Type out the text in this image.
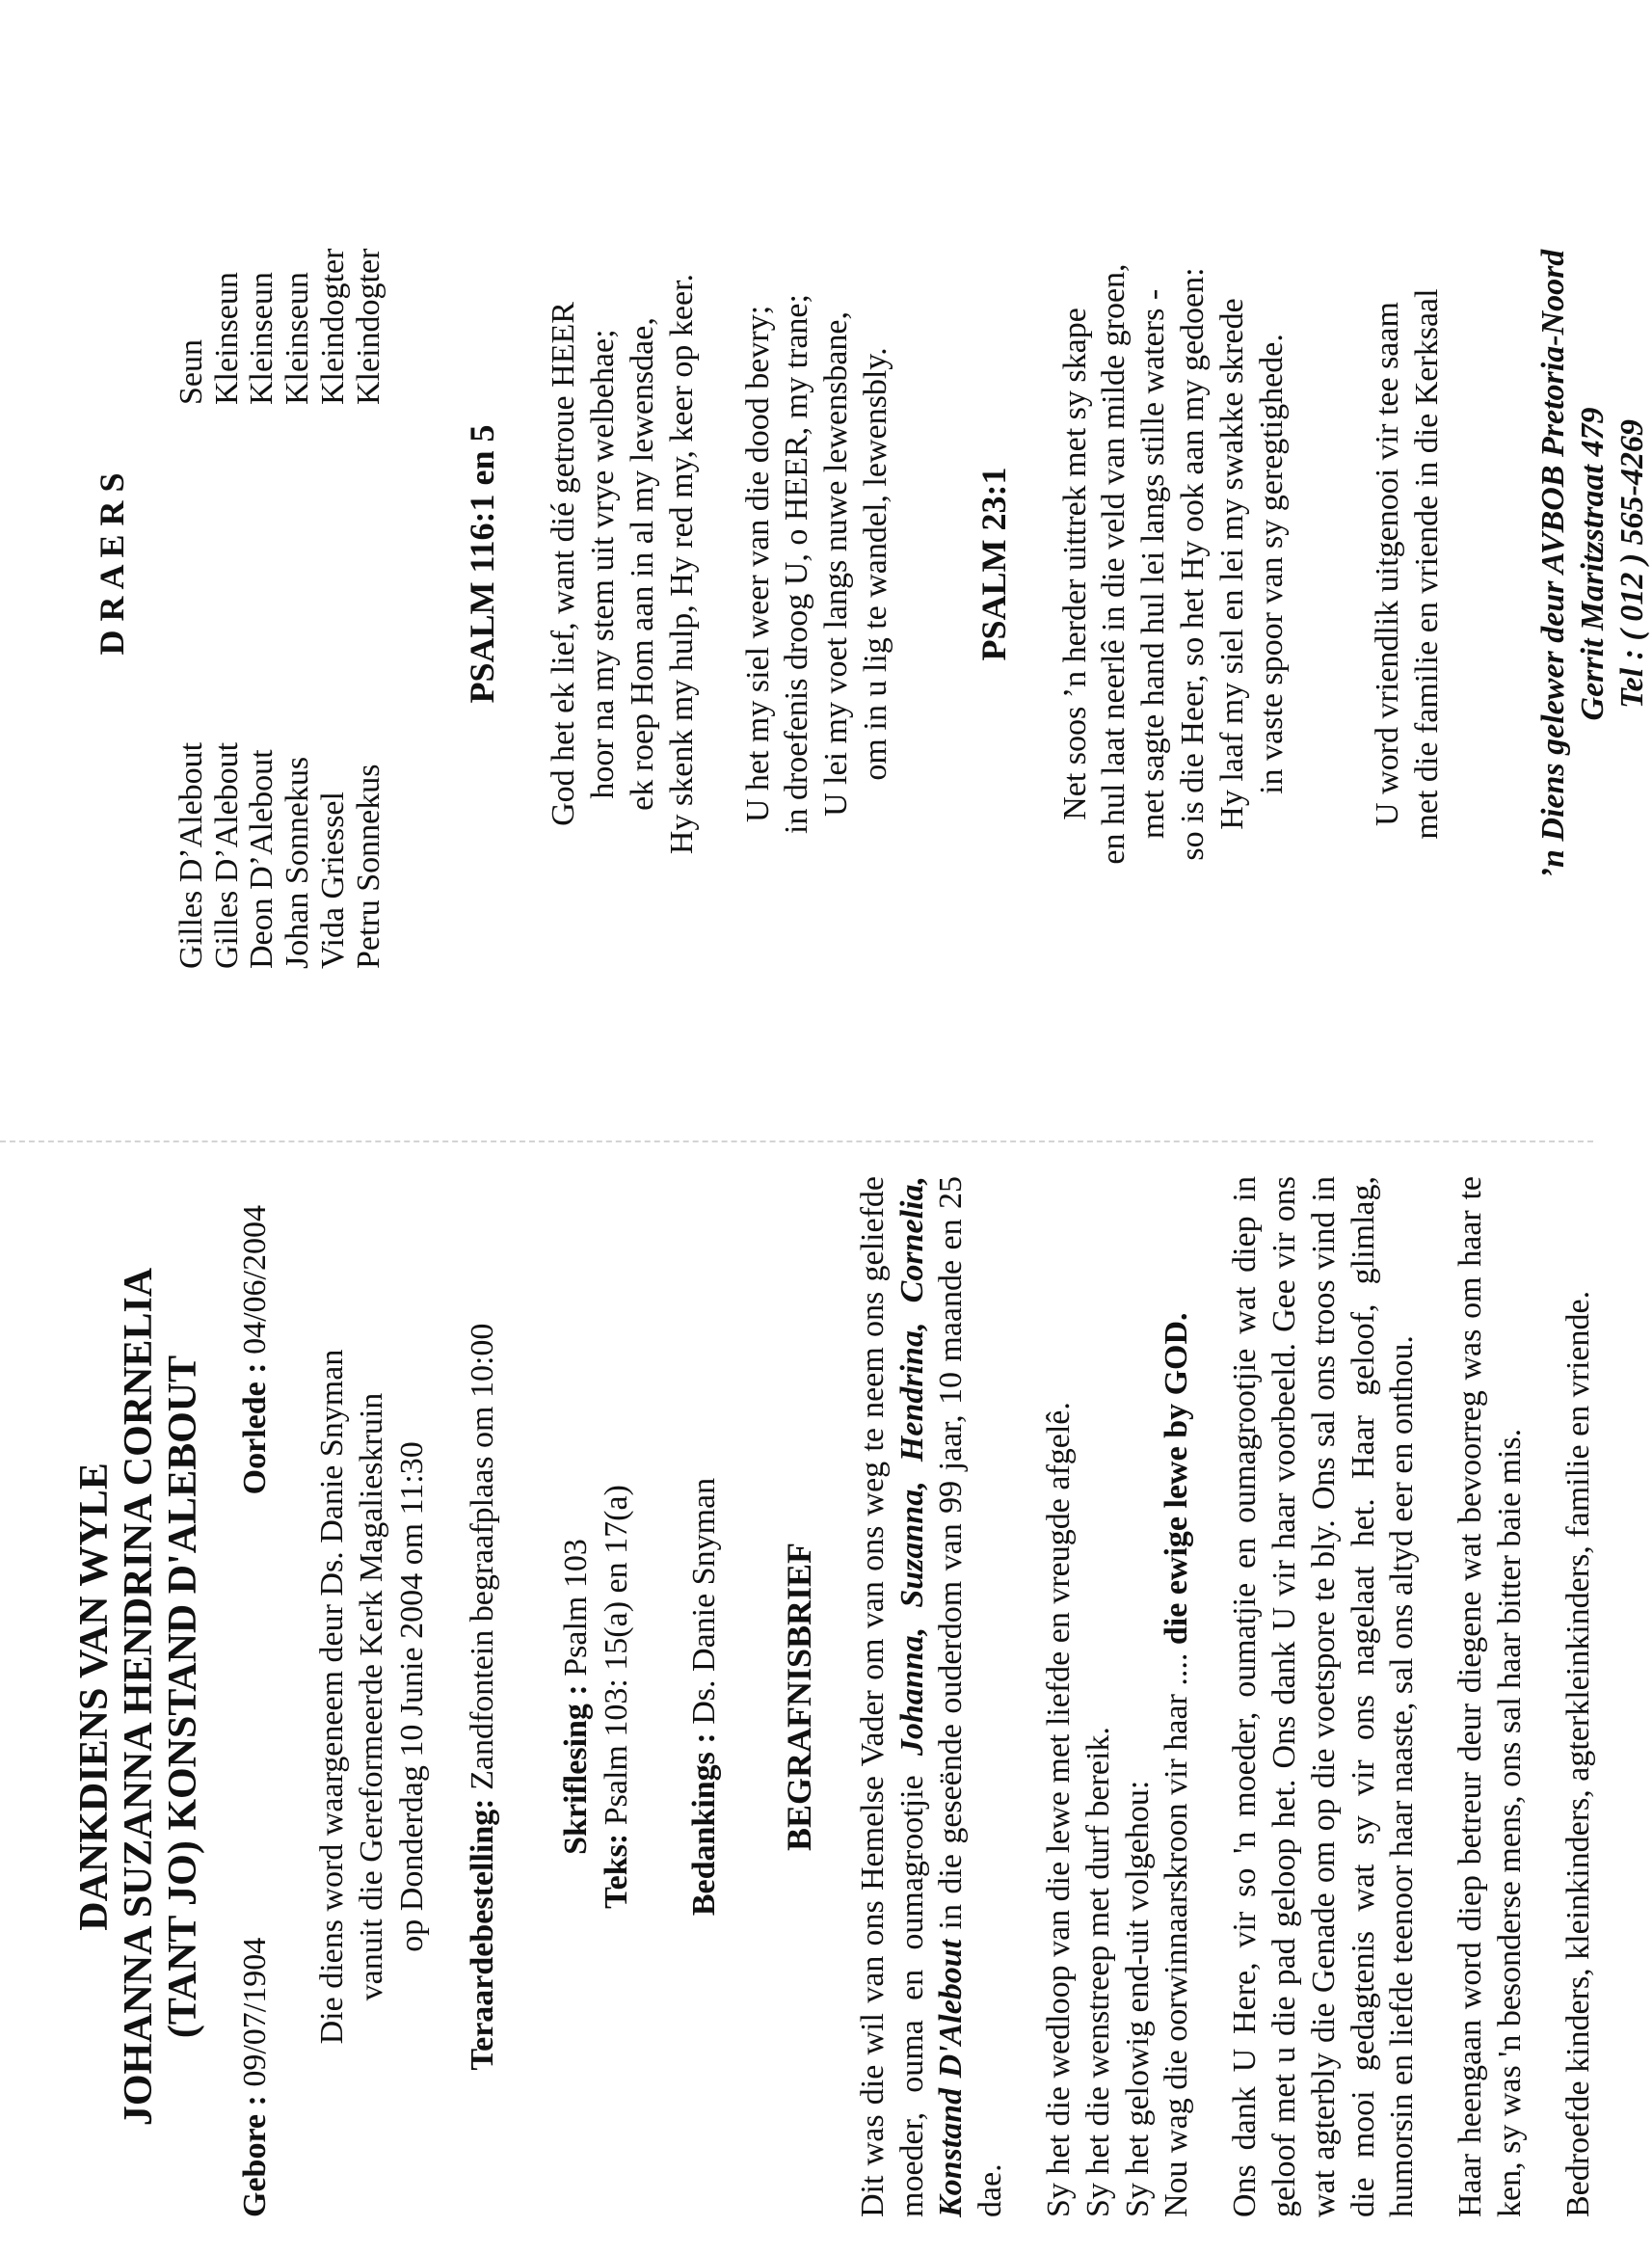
D R A E R S
Gilles D’Alebout
Seun
Gilles D’Alebout
Kleinseun
Deon D’Alebout
Kleinseun
Johan Sonnekus
Kleinseun
Vida Griessel
Kleindogter
Petru Sonnekus
Kleindogter
PSALM 116:1 en 5 God het ek lief, want dié getroue HEER hoor na my stem uit vrye welbehae; ek roep Hom aan in al my lewensdae, Hy skenk my hulp, Hy red my, keer op keer. U het my siel weer van die dood bevry; in droefenis droog U, o HEER, my trane; U lei my voet langs nuwe lewensbane, om in u lig te wandel, lewensbly. PSALM 23:1 Net soos ’n herder uittrek met sy skape en hul laat neerlê in die veld van milde groen, met sagte hand hul lei langs stille waters - so is die Heer, so het Hy ook aan my gedoen: Hy laaf my siel en lei my swakke skrede in vaste spoor van sy geregtighede. U word vriendlik uitgenooi vir tee saam met die familie en vriende in die Kerksaal	’n Diens gelewer deur AVBOB Pretoria-Noord Gerrit Maritzstraat 479 Tel : ( 012 ) 565-4269
DANKDIENS VAN WYLE JOHANNA SUZANNA HENDRINA CORNELIA (TANT JO) KONSTAND D'ALEBOUT
Gebore : 09/07/1904
Oorlede : 04/06/2004
Die diens word waargeneem deur Ds. Danie Snyman vanuit die Gereformeerde Kerk Magalieskruin op Donderdag 10 Junie 2004 om 11:30 Teraardebestelling: Zandfontein begraafplaas om 10:00 Skriflesing : Psalm 103
Teks: Psalm 103: 15(a) en 17(a) Bedankings : Ds. Danie Snyman BEGRAFNISBRIEF Dit was die wil van ons Hemelse Vader om van ons weg te neem ons geliefde moeder, ouma en oumagrootjie Johanna, Suzanna, Hendrina, Cornelia, Konstand D'Alebout in die geseënde ouderdom van 99 jaar, 10 maande en 25 dae. Sy het die wedloop van die lewe met liefde en vreugde afgelê. Sy het die wenstreep met durf bereik. Sy het gelowig end-uit volgehou: Nou wag die oorwinnaarskroon vir haar .... die ewige lewe by GOD. Ons dank U Here, vir so 'n moeder, oumatjie en oumagrootjie wat diep in geloof met u die pad geloop het. Ons dank U vir haar voorbeeld. Gee vir ons wat agterbly die Genade om op die voetspore te bly. Ons sal ons troos vind in die mooi gedagtenis wat sy vir ons nagelaat het. Haar geloof, glimlag, humorsin en liefde teenoor haar naaste, sal ons altyd eer en onthou. Haar heengaan word diep betreur deur diegene wat bevoorreg was om haar te ken, sy was 'n besonderse mens, ons sal haar bitter baie mis. Bedroefde kinders, kleinkinders, agterkleinkinders, familie en vriende.
